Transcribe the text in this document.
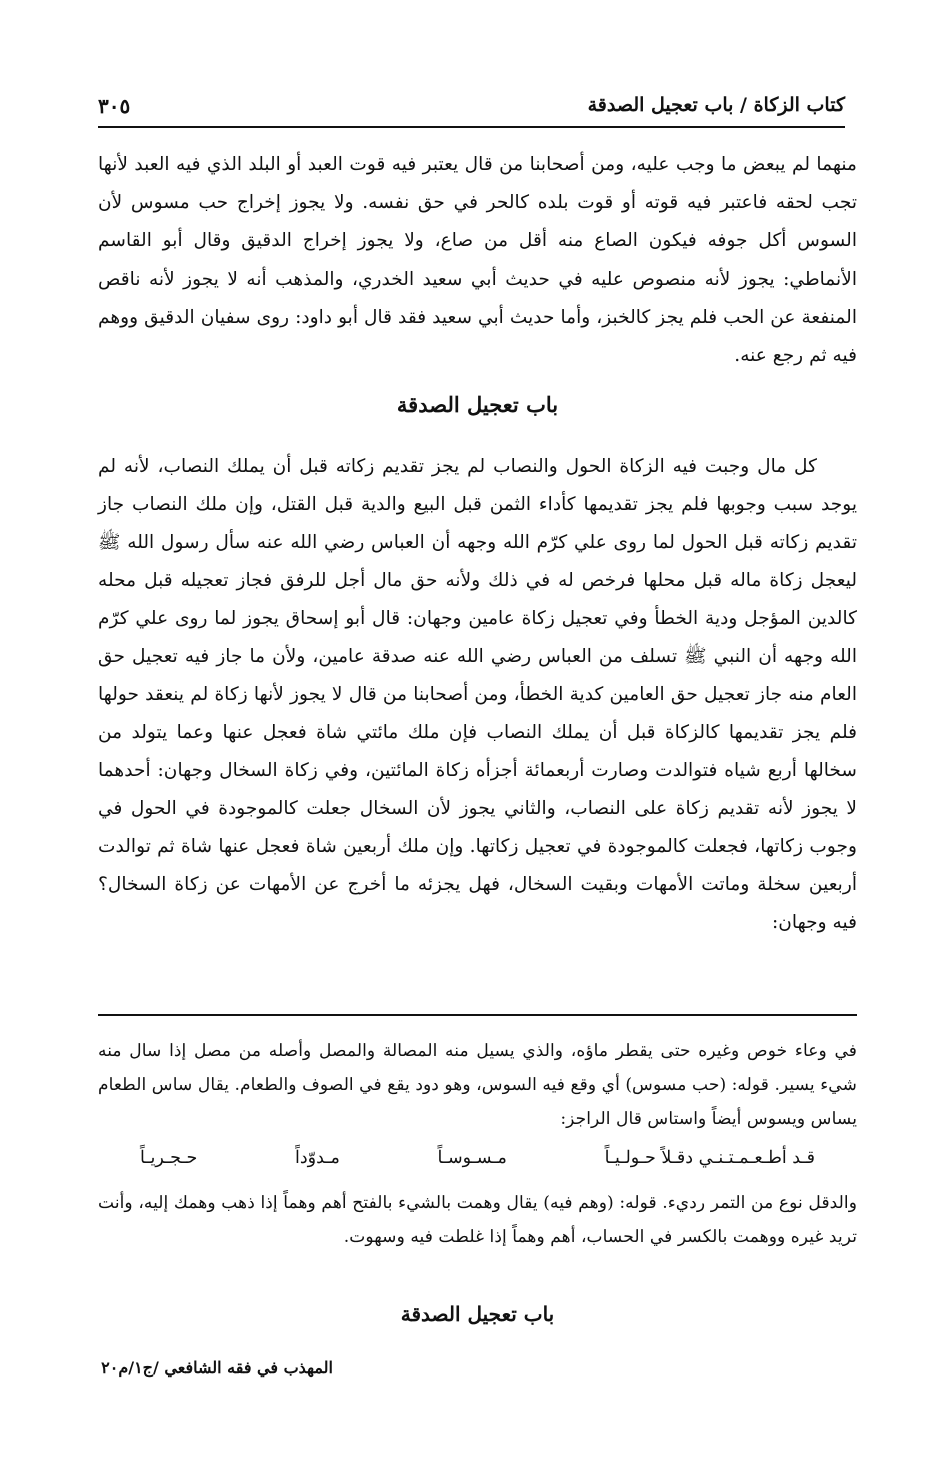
كتاب الزكاة / باب تعجيل الصدقة
٣٠٥

منهما لم يبعض ما وجب عليه، ومن أصحابنا من قال يعتبر فيه قوت العبد أو البلد الذي فيه العبد لأنها تجب لحقه فاعتبر فيه قوته أو قوت بلده كالحر في حق نفسه. ولا يجوز إخراج حب مسوس لأن السوس أكل جوفه فيكون الصاع منه أقل من صاع، ولا يجوز إخراج الدقيق وقال أبو القاسم الأنماطي: يجوز لأنه منصوص عليه في حديث أبي سعيد الخدري، والمذهب أنه لا يجوز لأنه ناقص المنفعة عن الحب فلم يجز كالخبز، وأما حديث أبي سعيد فقد قال أبو داود: روى سفيان الدقيق ووهم فيه ثم رجع عنه.

باب تعجيل الصدقة

كل مال وجبت فيه الزكاة الحول والنصاب لم يجز تقديم زكاته قبل أن يملك النصاب، لأنه لم يوجد سبب وجوبها فلم يجز تقديمها كأداء الثمن قبل البيع والدية قبل القتل، وإن ملك النصاب جاز تقديم زكاته قبل الحول لما روى علي كرّم الله وجهه أن العباس رضي الله عنه سأل رسول الله ﷺ ليعجل زكاة ماله قبل محلها فرخص له في ذلك ولأنه حق مال أجل للرفق فجاز تعجيله قبل محله كالدين المؤجل ودية الخطأ وفي تعجيل زكاة عامين وجهان: قال أبو إسحاق يجوز لما روى علي كرّم الله وجهه أن النبي ﷺ تسلف من العباس رضي الله عنه صدقة عامين، ولأن ما جاز فيه تعجيل حق العام منه جاز تعجيل حق العامين كدية الخطأ، ومن أصحابنا من قال لا يجوز لأنها زكاة لم ينعقد حولها فلم يجز تقديمها كالزكاة قبل أن يملك النصاب فإن ملك مائتي شاة فعجل عنها وعما يتولد من سخالها أربع شياه فتوالدت وصارت أربعمائة أجزأه زكاة المائتين، وفي زكاة السخال وجهان: أحدهما لا يجوز لأنه تقديم زكاة على النصاب، والثاني يجوز لأن السخال جعلت كالموجودة في الحول في وجوب زكاتها، فجعلت كالموجودة في تعجيل زكاتها. وإن ملك أربعين شاة فعجل عنها شاة ثم توالدت أربعين سخلة وماتت الأمهات وبقيت السخال، فهل يجزئه ما أخرج عن الأمهات عن زكاة السخال؟ فيه وجهان:

في وعاء خوص وغيره حتى يقطر ماؤه، والذي يسيل منه المصالة والمصل وأصله من مصل إذا سال منه شيء يسير. قوله: (حب مسوس) أي وقع فيه السوس، وهو دود يقع في الصوف والطعام. يقال ساس الطعام يساس ويسوس أيضاً واستاس قال الراجز:

قـد أطـعـمـتـنـي دقـلاً حـولـيـاً
مـسـوسـاً
مـدوّداً
حـجـريـاً

والدقل نوع من التمر رديء. قوله: (وهم فيه) يقال وهمت بالشيء بالفتح أهم وهماً إذا ذهب وهمك إليه، وأنت تريد غيره ووهمت بالكسر في الحساب، أهم وهماً إذا غلطت فيه وسهوت.

باب تعجيل الصدقة
المهذب في فقه الشافعي /ج١/م٢٠
